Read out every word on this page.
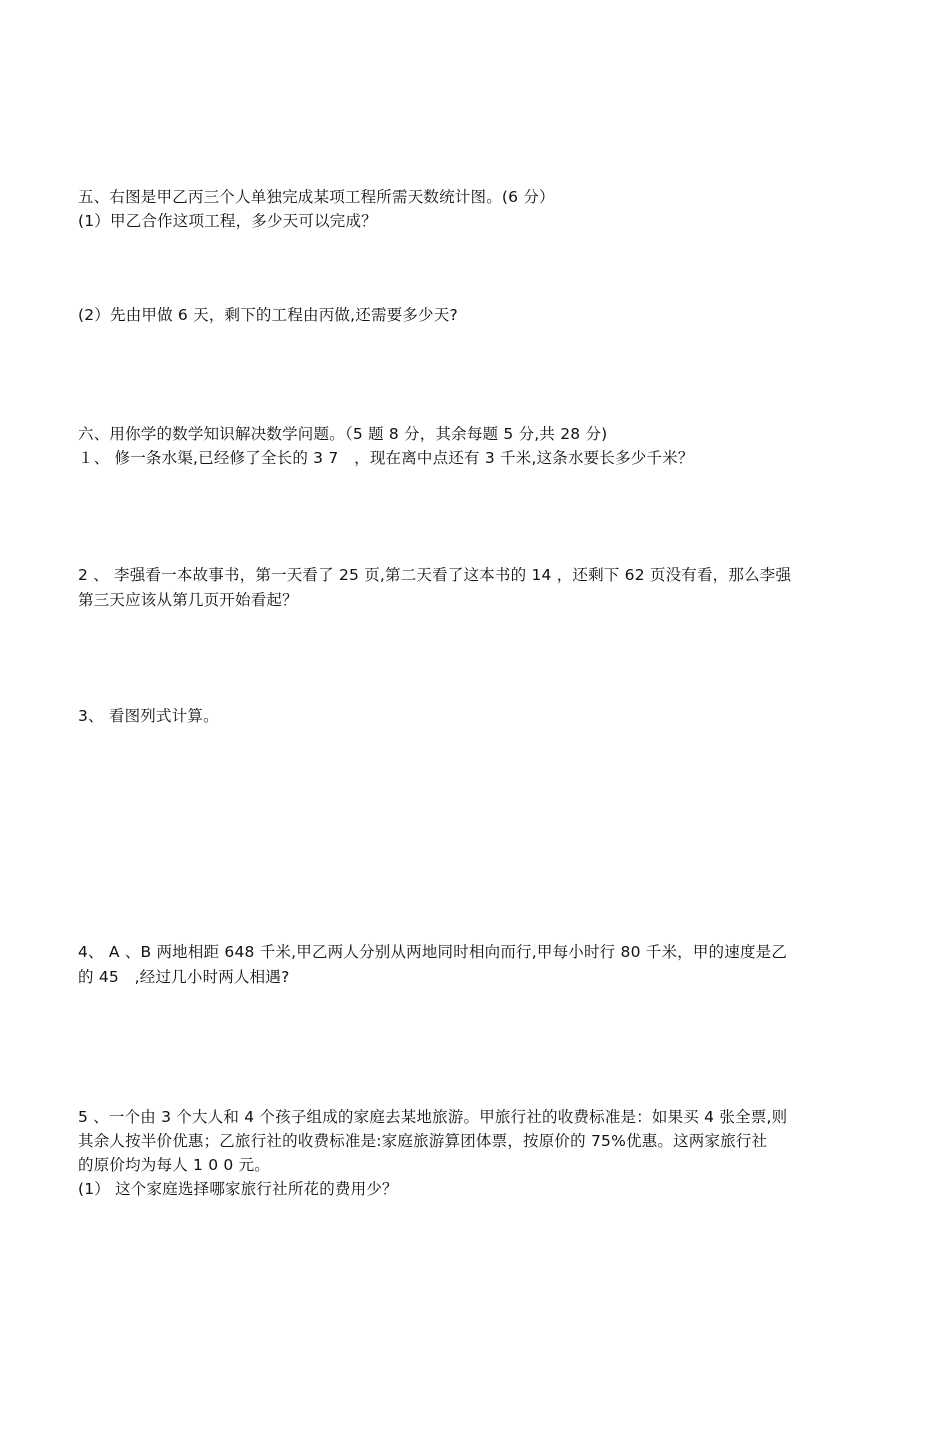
五、右图是甲乙丙三个人单独完成某项工程所需天数统计图。(6 分）
(1）甲乙合作这项工程，多少天可以完成？
(2）先由甲做 6 天，剩下的工程由丙做,还需要多少天?
六、用你学的数学知识解决数学问题。（5 题 8 分，其余每题 5 分,共 28 分)
１、 修一条水渠,已经修了全长的 3 7　，现在离中点还有 3 千米,这条水要长多少千米？
2 、 李强看一本故事书，第一天看了 25 页,第二天看了这本书的 14 ，还剩下 62 页没有看，那么李强
第三天应该从第几页开始看起？
3、 看图列式计算。
4、 A 、B 两地相距 648 千米,甲乙两人分别从两地同时相向而行,甲每小时行 80 千米，甲的速度是乙
的 45　,经过几小时两人相遇?
5 、一个由 3 个大人和 4 个孩子组成的家庭去某地旅游。甲旅行社的收费标准是：如果买 4 张全票,则
其余人按半价优惠；乙旅行社的收费标准是:家庭旅游算团体票，按原价的 75%优惠。这两家旅行社
的原价均为每人 1 0 0 元。
(1） 这个家庭选择哪家旅行社所花的费用少？
